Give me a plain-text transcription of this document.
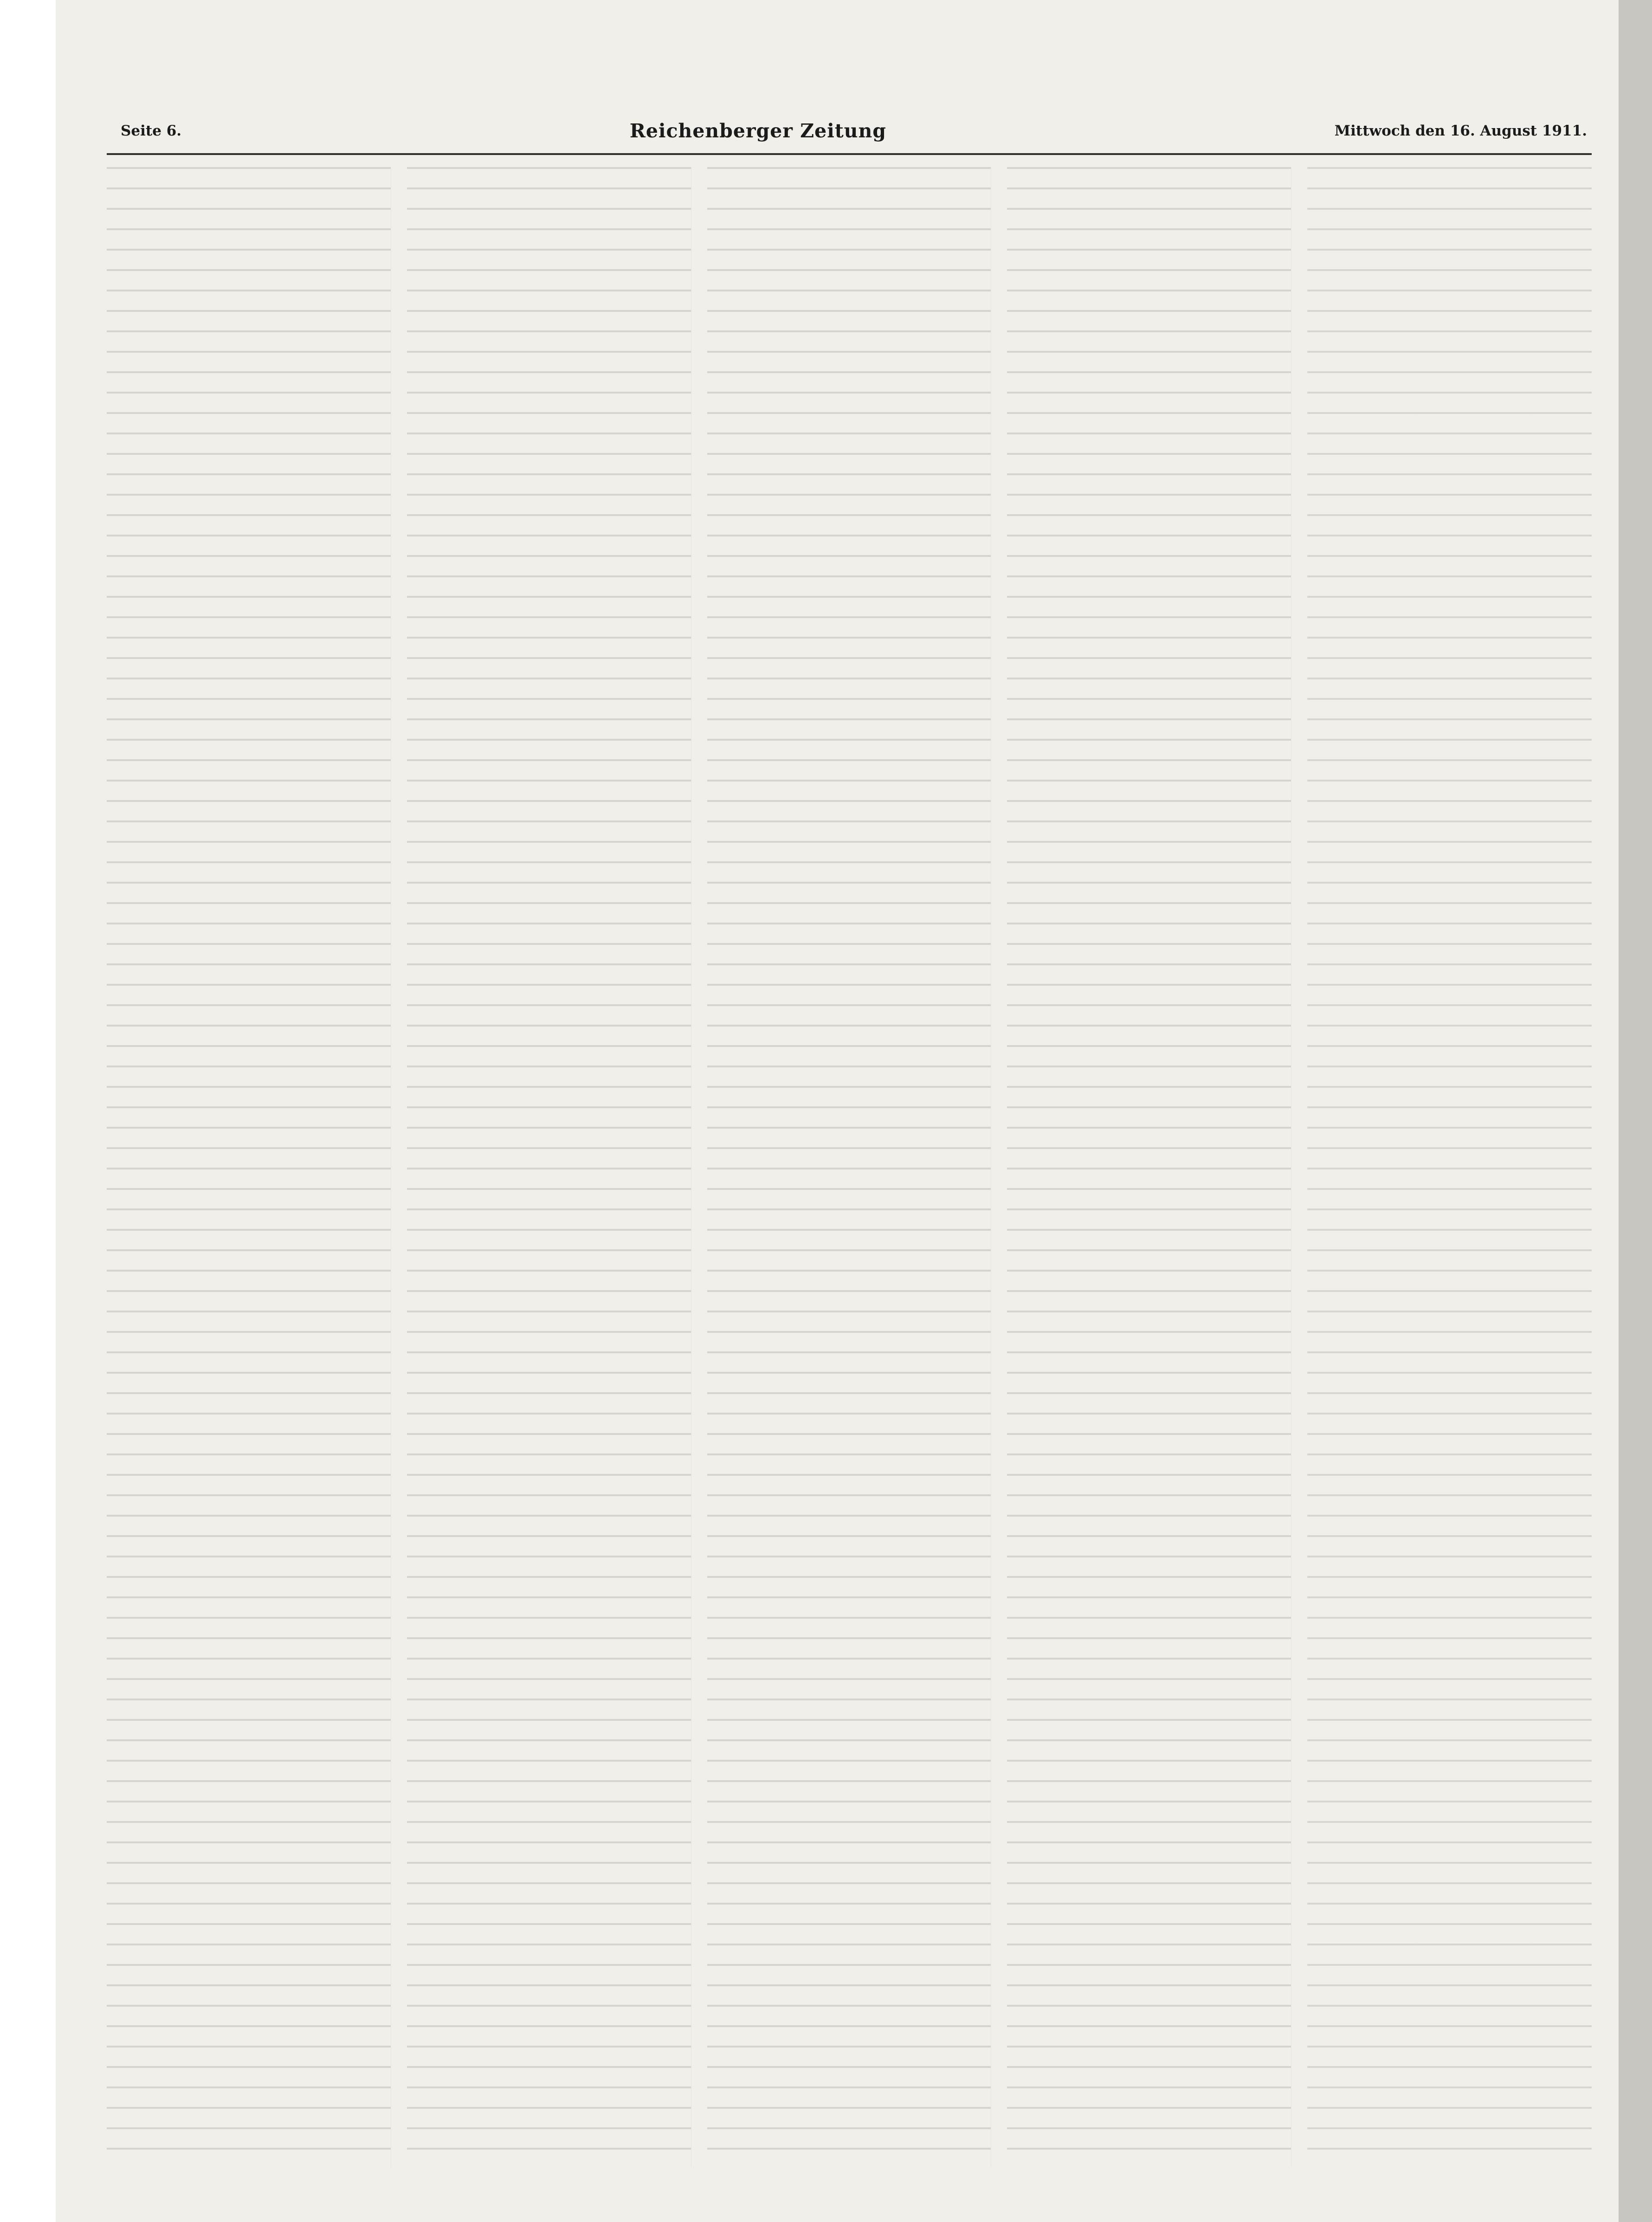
Seite 6.	Reichenberger Zeitung	Mittwoch den 16. August 1911.
